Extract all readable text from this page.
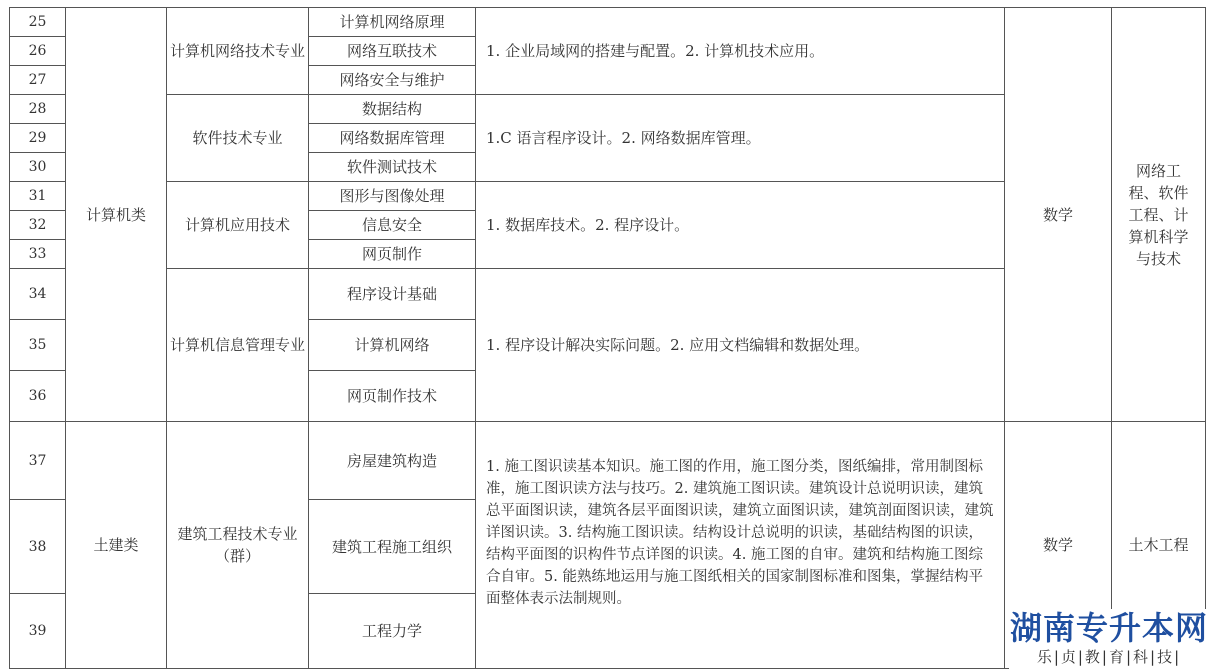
25	计算机类	计算机网络技术专业	计算机网络原理	1. 企业局域网的搭建与配置。2. 计算机技术应用。	数学	网络工程、软件工程、计算机科学与技术
26			网络互联技术			
27			网络安全与维护			
28		软件技术专业	数据结构	1.C 语言程序设计。2. 网络数据库管理。		
29			网络数据库管理			
30			软件测试技术			
31		计算机应用技术	图形与图像处理	1. 数据库技术。2. 程序设计。		
32			信息安全			
33			网页制作			
34		计算机信息管理专业	程序设计基础	1. 程序设计解决实际问题。2. 应用文档编辑和数据处理。		
35			计算机网络			
36			网页制作技术			
37	土建类	建筑工程技术专业（群）	房屋建筑构造	1. 施工图识读基本知识。施工图的作用，施工图分类，图纸编排，常用制图标准，施工图识读方法与技巧。2. 建筑施工图识读。建筑设计总说明识读，建筑总平面图识读，建筑各层平面图识读，建筑立面图识读，建筑剖面图识读，建筑详图识读。3. 结构施工图识读。结构设计总说明的识读，基础结构图的识读，结构平面图的识构件节点详图的识读。4. 施工图的自审。建筑和结构施工图综合自审。5. 能熟练地运用与施工图纸相关的国家制图标准和图集，掌握结构平面整体表示法制规则。	数学	土木工程
38			建筑工程施工组织			
39			工程力学				湖南专升本网
乐|贞|教|育|科|技|
